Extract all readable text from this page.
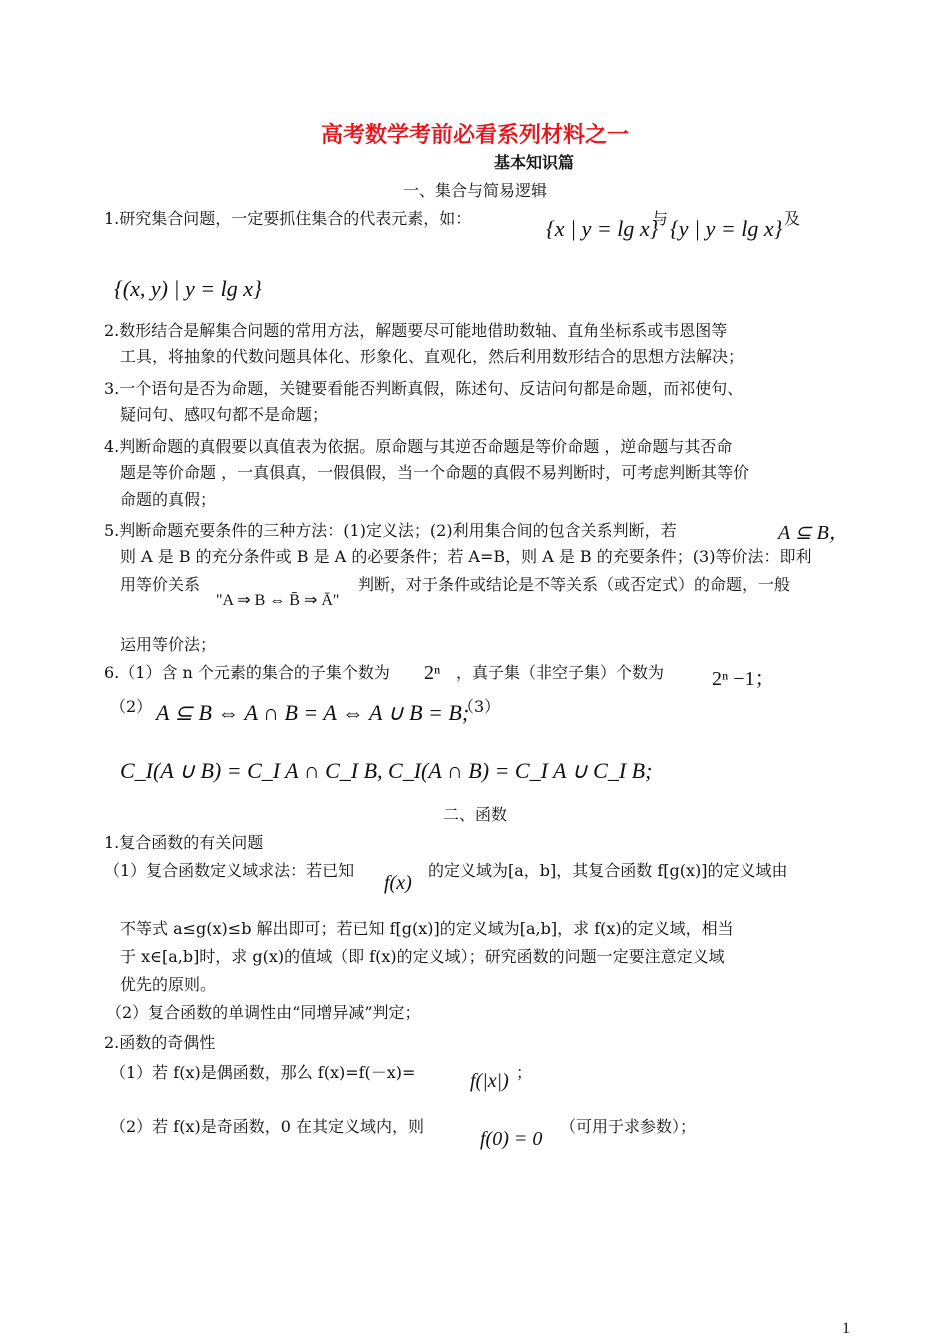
高考数学考前必看系列材料之一
基本知识篇
一、集合与简易逻辑
1.研究集合问题，一定要抓住集合的代表元素，如：	{x | y = lg x}
与 {y | y = lg x} 及
{(x, y) | y = lg x}
2.数形结合是解集合问题的常用方法，解题要尽可能地借助数轴、直角坐标系或韦恩图等
工具，将抽象的代数问题具体化、形象化、直观化，然后利用数形结合的思想方法解决；
3.一个语句是否为命题，关键要看能否判断真假，陈述句、反诘问句都是命题，而祁使句、
疑问句、感叹句都不是命题；
4.判断命题的真假要以真值表为依据。原命题与其逆否命题是等价命题 ，逆命题与其否命
题是等价命题 ，一真俱真，一假俱假，当一个命题的真假不易判断时，可考虑判断其等价
命题的真假；
5.判断命题充要条件的三种方法：(1)定义法；(2)利用集合间的包含关系判断，若	A ⊆ B，
则 A 是 B 的充分条件或 B 是 A 的必要条件；若 A=B，则 A 是 B 的充要条件；(3)等价法：即利
用等价关系
"A ⇒ B ⇔ B̄ ⇒ Ā"
判断，对于条件或结论是不等关系（或否定式）的命题，一般
运用等价法；
6.（1）含 n 个元素的集合的子集个数为 2ⁿ ，真子集（非空子集）个数为 2ⁿ −1；
（2） A ⊆ B ⇔ A ∩ B = A ⇔ A ∪ B = B;
（3）
C_I(A ∪ B) = C_I A ∩ C_I B, C_I(A ∩ B) = C_I A ∪ C_I B;
二、函数
1.复合函数的有关问题
（1）复合函数定义域求法：若已知
f(x)
的定义域为[a，b]，其复合函数 f[g(x)]的定义域由
不等式 a≤g(x)≤b 解出即可；若已知 f[g(x)]的定义域为[a,b]，求 f(x)的定义域，相当
于 x∈[a,b]时，求 g(x)的值域（即 f(x)的定义域）；研究函数的问题一定要注意定义域
优先的原则。
（2）复合函数的单调性由“同增异减”判定；
2.函数的奇偶性
（1）若 f(x)是偶函数，那么 f(x)=f(－x)=	f(|x|) ；
（2）若 f(x)是奇函数，0 在其定义域内，则
f(0) = 0
（可用于求参数）；
1
